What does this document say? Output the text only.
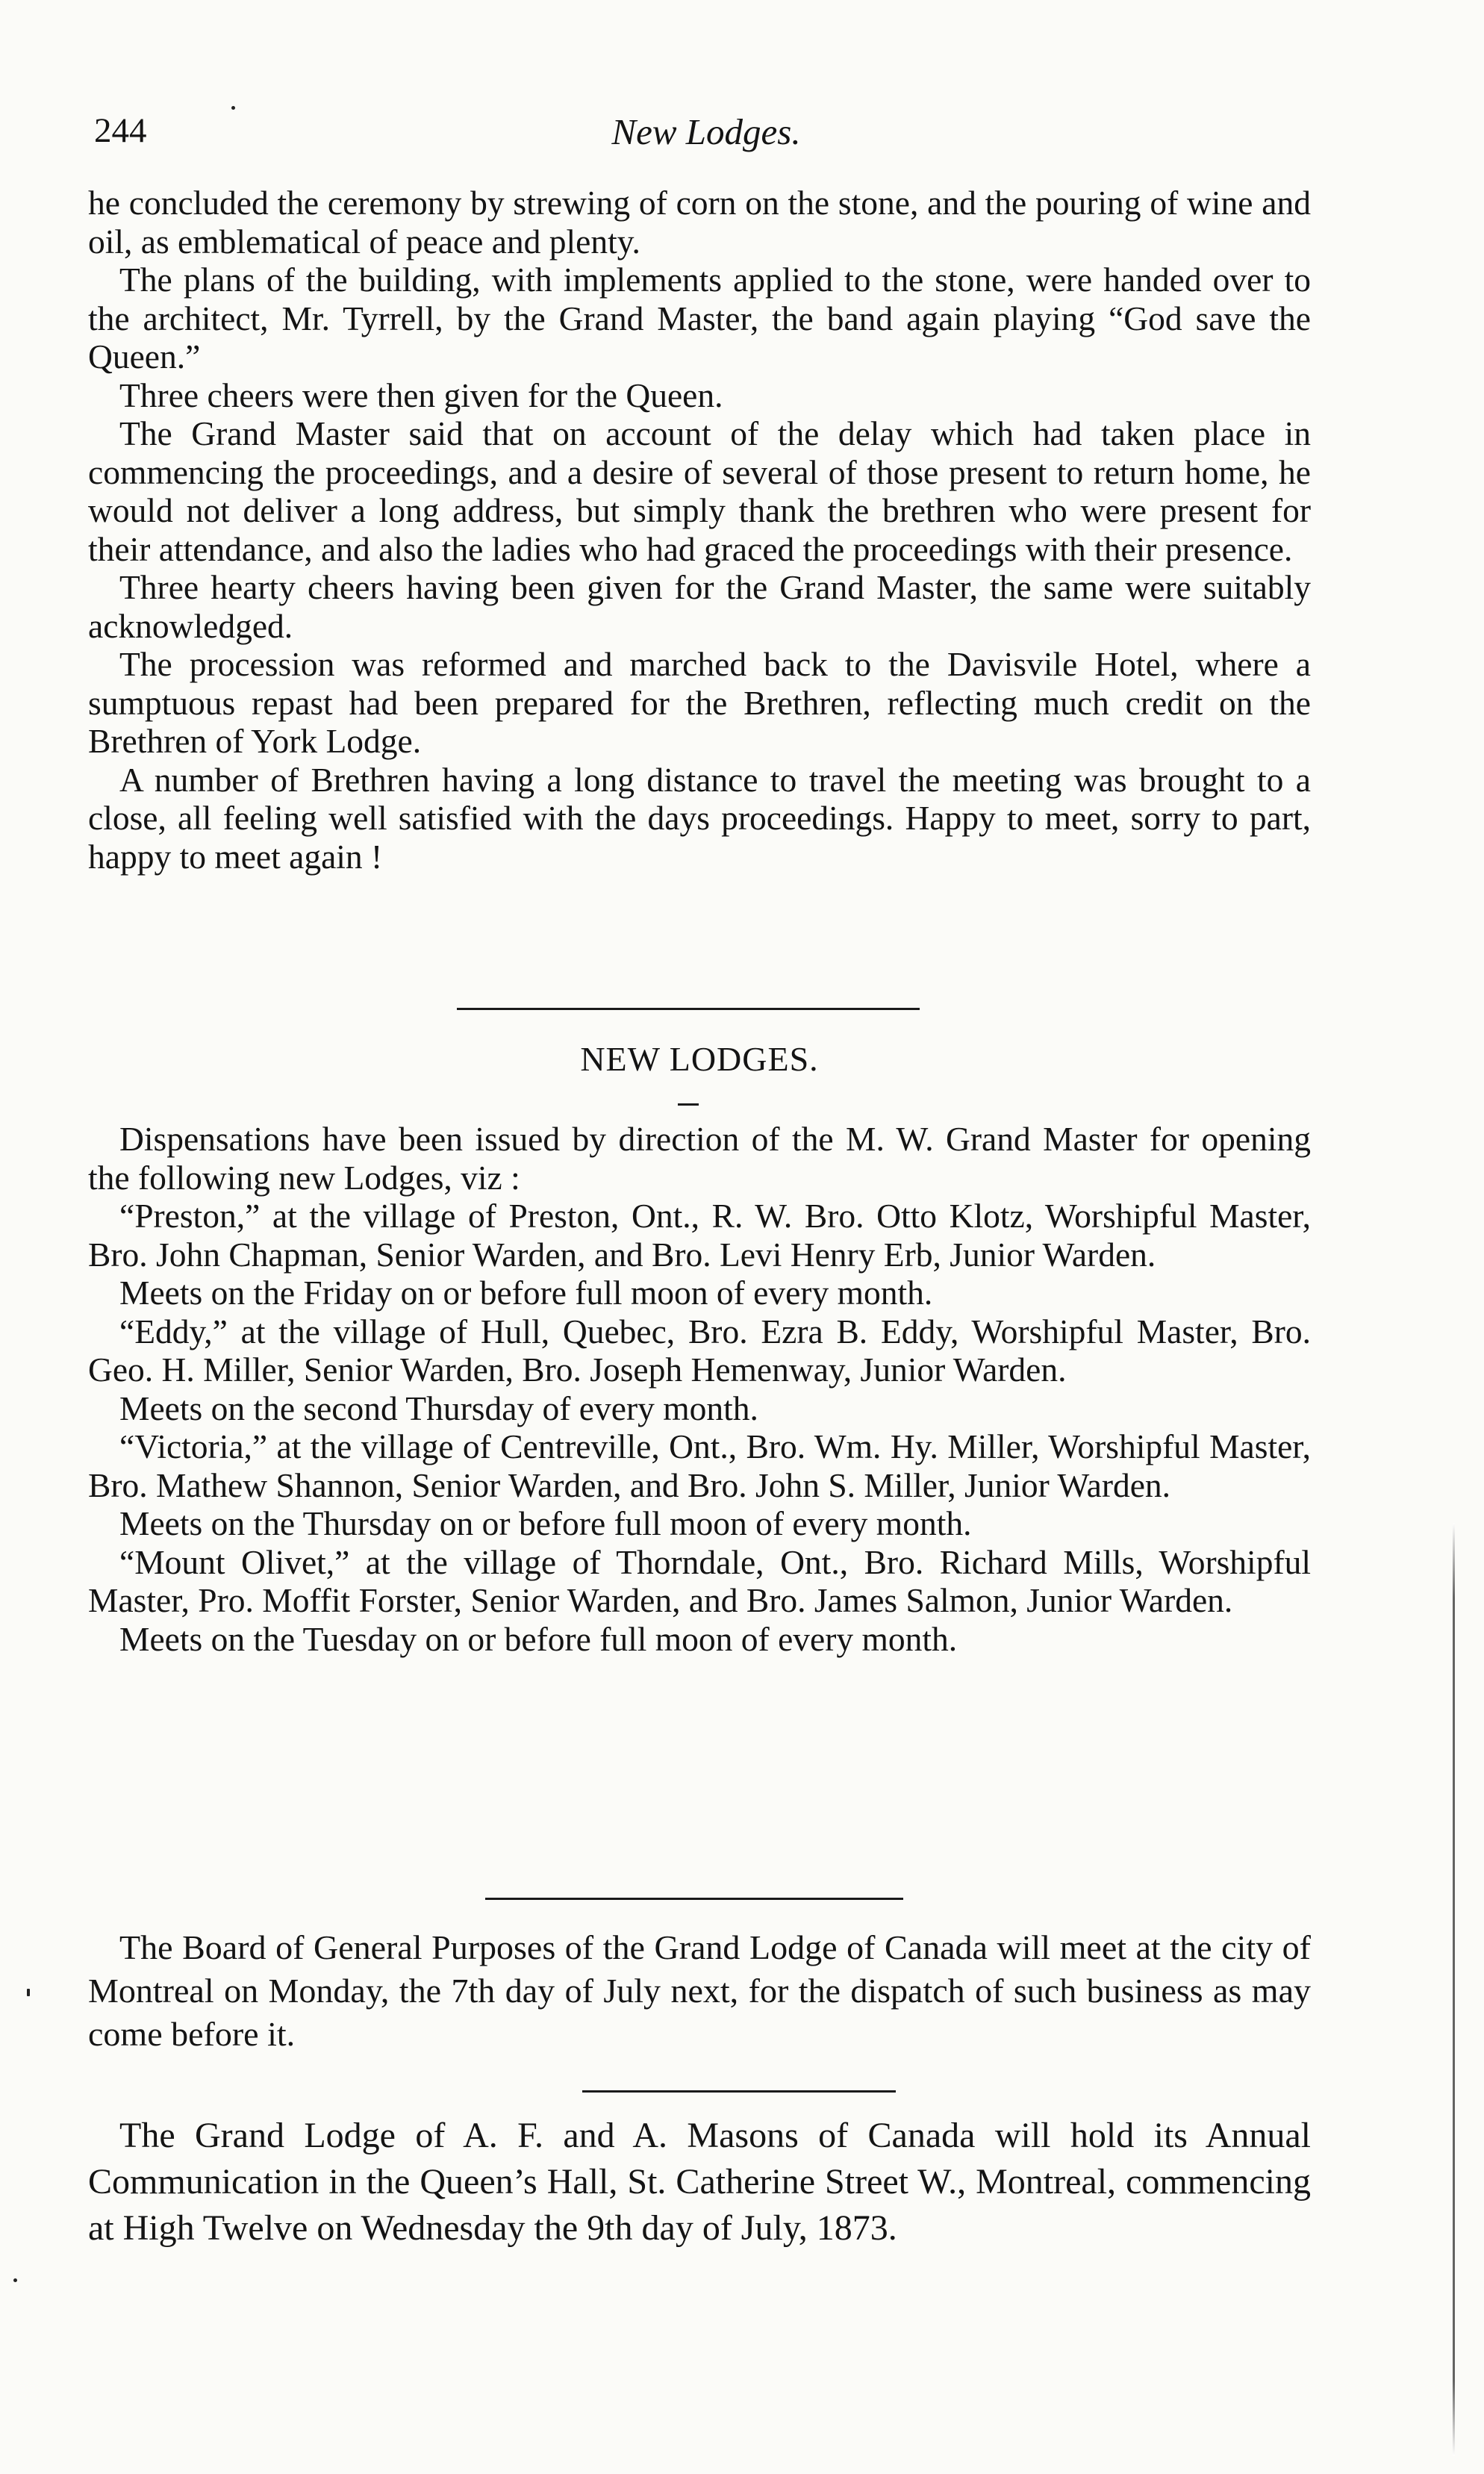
244	New Lodges.

he concluded the ceremony by strewing of corn on the stone, and the pouring of wine and oil, as emblematical of peace and plenty.

The plans of the building, with implements applied to the stone, were handed over to the architect, Mr. Tyrrell, by the Grand Master, the band again playing “God save the Queen.”

Three cheers were then given for the Queen.

The Grand Master said that on account of the delay which had taken place in commencing the proceedings, and a desire of several of those present to return home, he would not deliver a long address, but simply thank the brethren who were present for their attendance, and also the ladies who had graced the proceedings with their presence.

Three hearty cheers having been given for the Grand Master, the same were suitably acknowledged.

The procession was reformed and marched back to the Davisvile Hotel, where a sumptuous repast had been prepared for the Brethren, reflecting much credit on the Brethren of York Lodge.

A number of Brethren having a long distance to travel the meeting was brought to a close, all feeling well satisfied with the days proceedings. Happy to meet, sorry to part, happy to meet again !

NEW LODGES.

Dispensations have been issued by direction of the M. W. Grand Master for opening the following new Lodges, viz :

“Preston,” at the village of Preston, Ont., R. W. Bro. Otto Klotz, Worshipful Master, Bro. John Chapman, Senior Warden, and Bro. Levi Henry Erb, Junior Warden.

Meets on the Friday on or before full moon of every month.

“Eddy,” at the village of Hull, Quebec, Bro. Ezra B. Eddy, Worshipful Master, Bro. Geo. H. Miller, Senior Warden, Bro. Joseph Hemenway, Junior Warden.

Meets on the second Thursday of every month.

“Victoria,” at the village of Centreville, Ont., Bro. Wm. Hy. Miller, Worshipful Master, Bro. Mathew Shannon, Senior Warden, and Bro. John S. Miller, Junior Warden.

Meets on the Thursday on or before full moon of every month.

“Mount Olivet,” at the village of Thorndale, Ont., Bro. Richard Mills, Worshipful Master, Pro. Moffit Forster, Senior Warden, and Bro. James Salmon, Junior Warden.

Meets on the Tuesday on or before full moon of every month.

The Board of General Purposes of the Grand Lodge of Canada will meet at the city of Montreal on Monday, the 7th day of July next, for the dispatch of such business as may come before it.

The Grand Lodge of A. F. and A. Masons of Canada will hold its Annual Communication in the Queen’s Hall, St. Catherine Street W., Montreal, commencing at High Twelve on Wednesday the 9th day of July, 1873.
